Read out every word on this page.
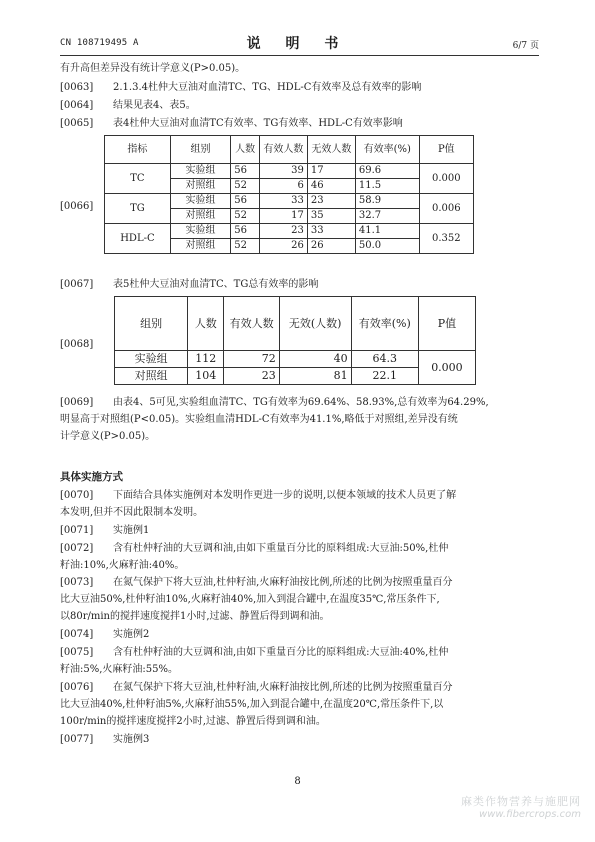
CN 108719495 A	说 明 书	6/7 页
有升高但差异没有统计学意义(P>0.05)。
[0063] 2.1.3.4杜仲大豆油对血清TC、TG、HDL-C有效率及总有效率的影响
[0064] 结果见表4、表5。
[0065] 表4杜仲大豆油对血清TC有效率、TG有效率、HDL-C有效率影响
[0066]
指标	组别	人数	有效人数	无效人数	有效率(%)	P值
TC	实验组	56	39	17	69.6	0.000
	对照组	52	6	46	11.5	
TG	实验组	56	33	23	58.9	0.006
	对照组	52	17	35	32.7	
HDL-C	实验组	56	23	33	41.1	0.352
	对照组	52	26	26	50.0	
[0067] 表5杜仲大豆油对血清TC、TG总有效率的影响
[0068]
组别	人数	有效人数	无效(人数)	有效率(%)	P值
实验组	112	72	40	64.3	0.000
对照组	104	23	81	22.1	
[0069] 由表4、5可见,实验组血清TC、TG有效率为69.64%、58.93%,总有效率为64.29%,
明显高于对照组(P<0.05)。实验组血清HDL-C有效率为41.1%,略低于对照组,差异没有统
计学意义(P>0.05)。
具体实施方式
[0070] 下面结合具体实施例对本发明作更进一步的说明,以便本领域的技术人员更了解
本发明,但并不因此限制本发明。
[0071] 实施例1
[0072] 含有杜仲籽油的大豆调和油,由如下重量百分比的原料组成:大豆油:50%,杜仲
籽油:10%,火麻籽油:40%。
[0073] 在氮气保护下将大豆油,杜仲籽油,火麻籽油按比例,所述的比例为按照重量百分
比大豆油50%,杜仲籽油10%,火麻籽油40%,加入到混合罐中,在温度35℃,常压条件下,
以80r/min的搅拌速度搅拌1小时,过滤、静置后得到调和油。
[0074] 实施例2
[0075] 含有杜仲籽油的大豆调和油,由如下重量百分比的原料组成:大豆油:40%,杜仲
籽油:5%,火麻籽油:55%。
[0076] 在氮气保护下将大豆油,杜仲籽油,火麻籽油按比例,所述的比例为按照重量百分
比大豆油40%,杜仲籽油5%,火麻籽油55%,加入到混合罐中,在温度20℃,常压条件下,以
100r/min的搅拌速度搅拌2小时,过滤、静置后得到调和油。
[0077] 实施例3
8
麻类作物营养与施肥网
www.fibercrops.com
